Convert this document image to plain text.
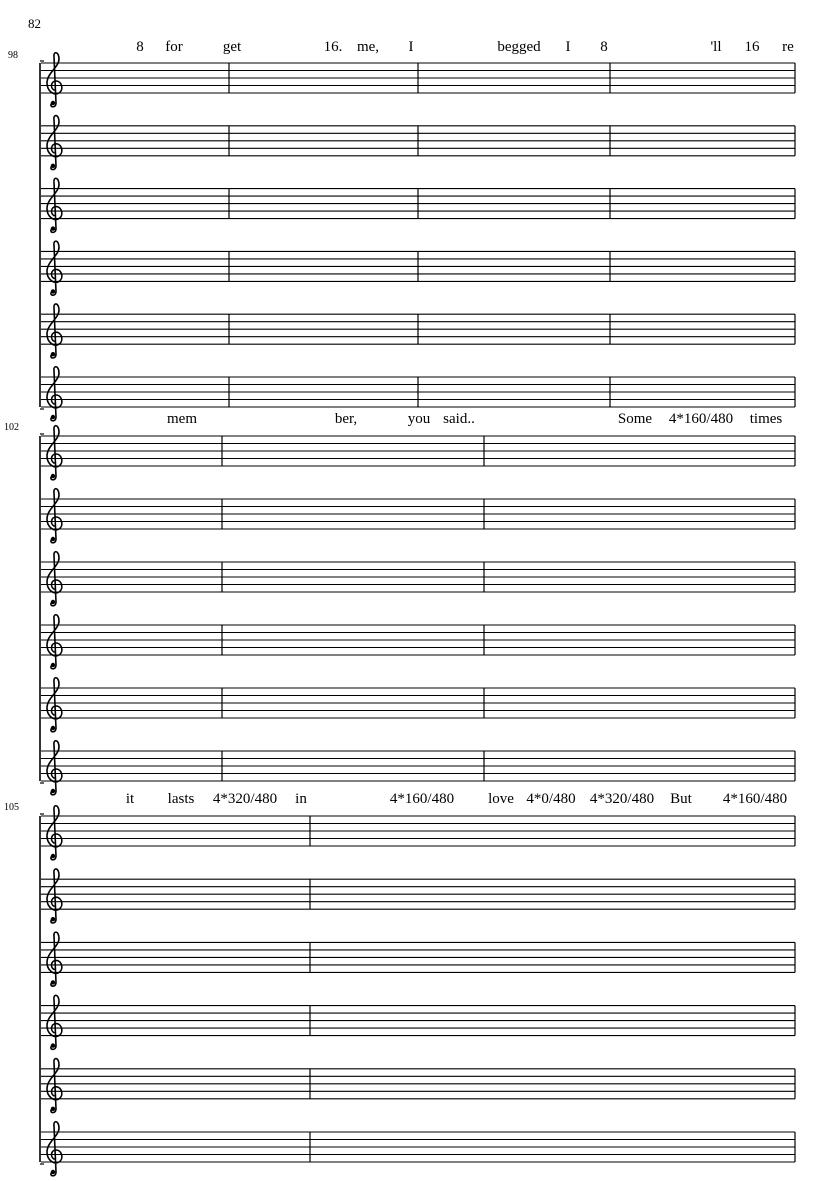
82
98
8 for	get	16. me, I	begged I 8	'll 16 re
102
mem	ber,	you said..	Some 4*160/480 times
105
it lasts 4*320/480 in	4*160/480 love 4*0/480 4*320/480 But 4*160/480
